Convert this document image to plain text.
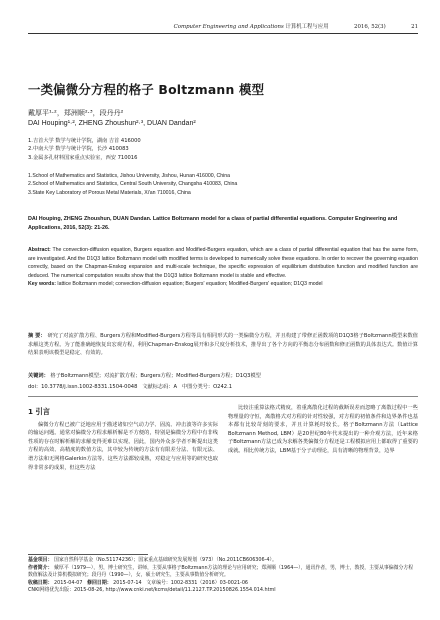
Computer Engineering and Applications 计算机工程与应用	2016, 52(3)	21
一类偏微分方程的格子 Boltzmann 模型
戴厚平¹·²，郑洲顺²·³，段丹丹²
DAI Houping¹·², ZHENG Zhoushun²·³, DUAN Dandan²
1.吉首大学 数学与统计学院，湖南 吉首 416000
2.中南大学 数学与统计学院，长沙 410083
3.金属多孔材料国家重点实验室，西安 710016
1.School of Mathematics and Statistics, Jishou University, Jishou, Hunan 416000, China
2.School of Mathematics and Statistics, Central South University, Changsha 410083, China
3.State Key Laboratory of Porous Metal Materials, Xi'an 710016, China
DAI Houping, ZHENG Zhoushun, DUAN Dandan. Lattice Boltzmann model for a class of partial differential equations. Computer Engineering and Applications, 2016, 52(3): 21-26.
Abstract: The convection-diffusion equation, Burgers equation and Modified-Burgers equation, which are a class of partial differential equation that has the same form, are investigated. And the D1Q3 lattice Boltzmann model with modified terms is developed to numerically solve these equations. In order to recover the governing equation correctly, based on the Chapman-Enskog expansion and multi-scale technique, the specific expression of equilibrium distribution function and modified function are deduced. The numerical computation results show that the D1Q3 lattice Boltzmann model is stable and effective.
Key words: lattice Boltzmann model; convection-diffusion equation; Burgers' equation; Modified-Burgers' equation; D1Q3 model
摘 要： 研究了对流扩散方程、Burgers方程和Modified-Burgers方程等具有相同形式的一类偏微分方程，并且构建了带修正函数项的D1Q3格子Boltzmann模型来数值求解这类方程。为了能准确地恢复出宏观方程，利用Chapman-Enskog展开和多尺度分析技术，推导出了各个方向的平衡态分布函数和修正函数的具体表达式。数值计算结果表明该模型是稳定、有效的。
关键词： 格子Boltzmann模型；对流扩散方程；Burgers方程；Modified-Burgers方程；D1Q3模型
doi：10.3778/j.issn.1002-8331.1504-0048 文献标志码：A 中图分类号：O242.1
1 引言

偏微分方程已被广泛地应用于描述诸如空气动力学、固流、冲击波等许多实际的输运问题。通常对偏微分方程求解析解是不方便的，特别是偏微分方程中有非线性项的存在时解析解的求解变得更难以实现。因此，国内外众多学者不断提出这类方程的高效、高精度的数值方法，其中较为传统的方法有有限差分法、有限元法、谱方法和无网格Galerkin方法等。这些方法都较成熟，对稳定与应用等的研究也取得非常多的成果，但这些方法

比较注重算法格式精度，着重离散化过程的截断误差而忽略了离散过程中一些物理量的守恒，离散格式对方程的针对性较强，对方程的初值条件和边界条件也基本都有比较苛刻的要求，并且计算耗时较长。格子Boltzmann方法（Lattice Boltzmann Method, LBM）是20世纪80年代末提出的一种介观方法，近年来格子Boltzmann方法已成为求解各类偏微分方程还是工程模拟应用上都取得了重要的成就。相比传统方法，LBM基于分子动理论，具有清晰的物理背景，边界

基金项目： 国家自然科学基金（No.51174236）；国家重点基础研究发展规划（973）（No.2011CB606306-4）。
作者简介： 戴厚平（1979—），男，博士研究生，讲师，主要从事格子Boltzmann方法的理论与应用研究；郑洲顺（1964—），通讯作者，男，博士，教授，主要从事偏微分方程数值解法及计算机模拟研究；段丹丹（1990—），女，硕士研究生，主要从事数值分析研究。
收稿日期： 2015-04-07 修回日期： 2015-07-14 文章编号：1002-8331（2016）03-0021-06
CNKI网络优先出版：2015-08-26, http://www.cnki.net/kcms/detail/11.2127.TP.20150826.1554.014.html
